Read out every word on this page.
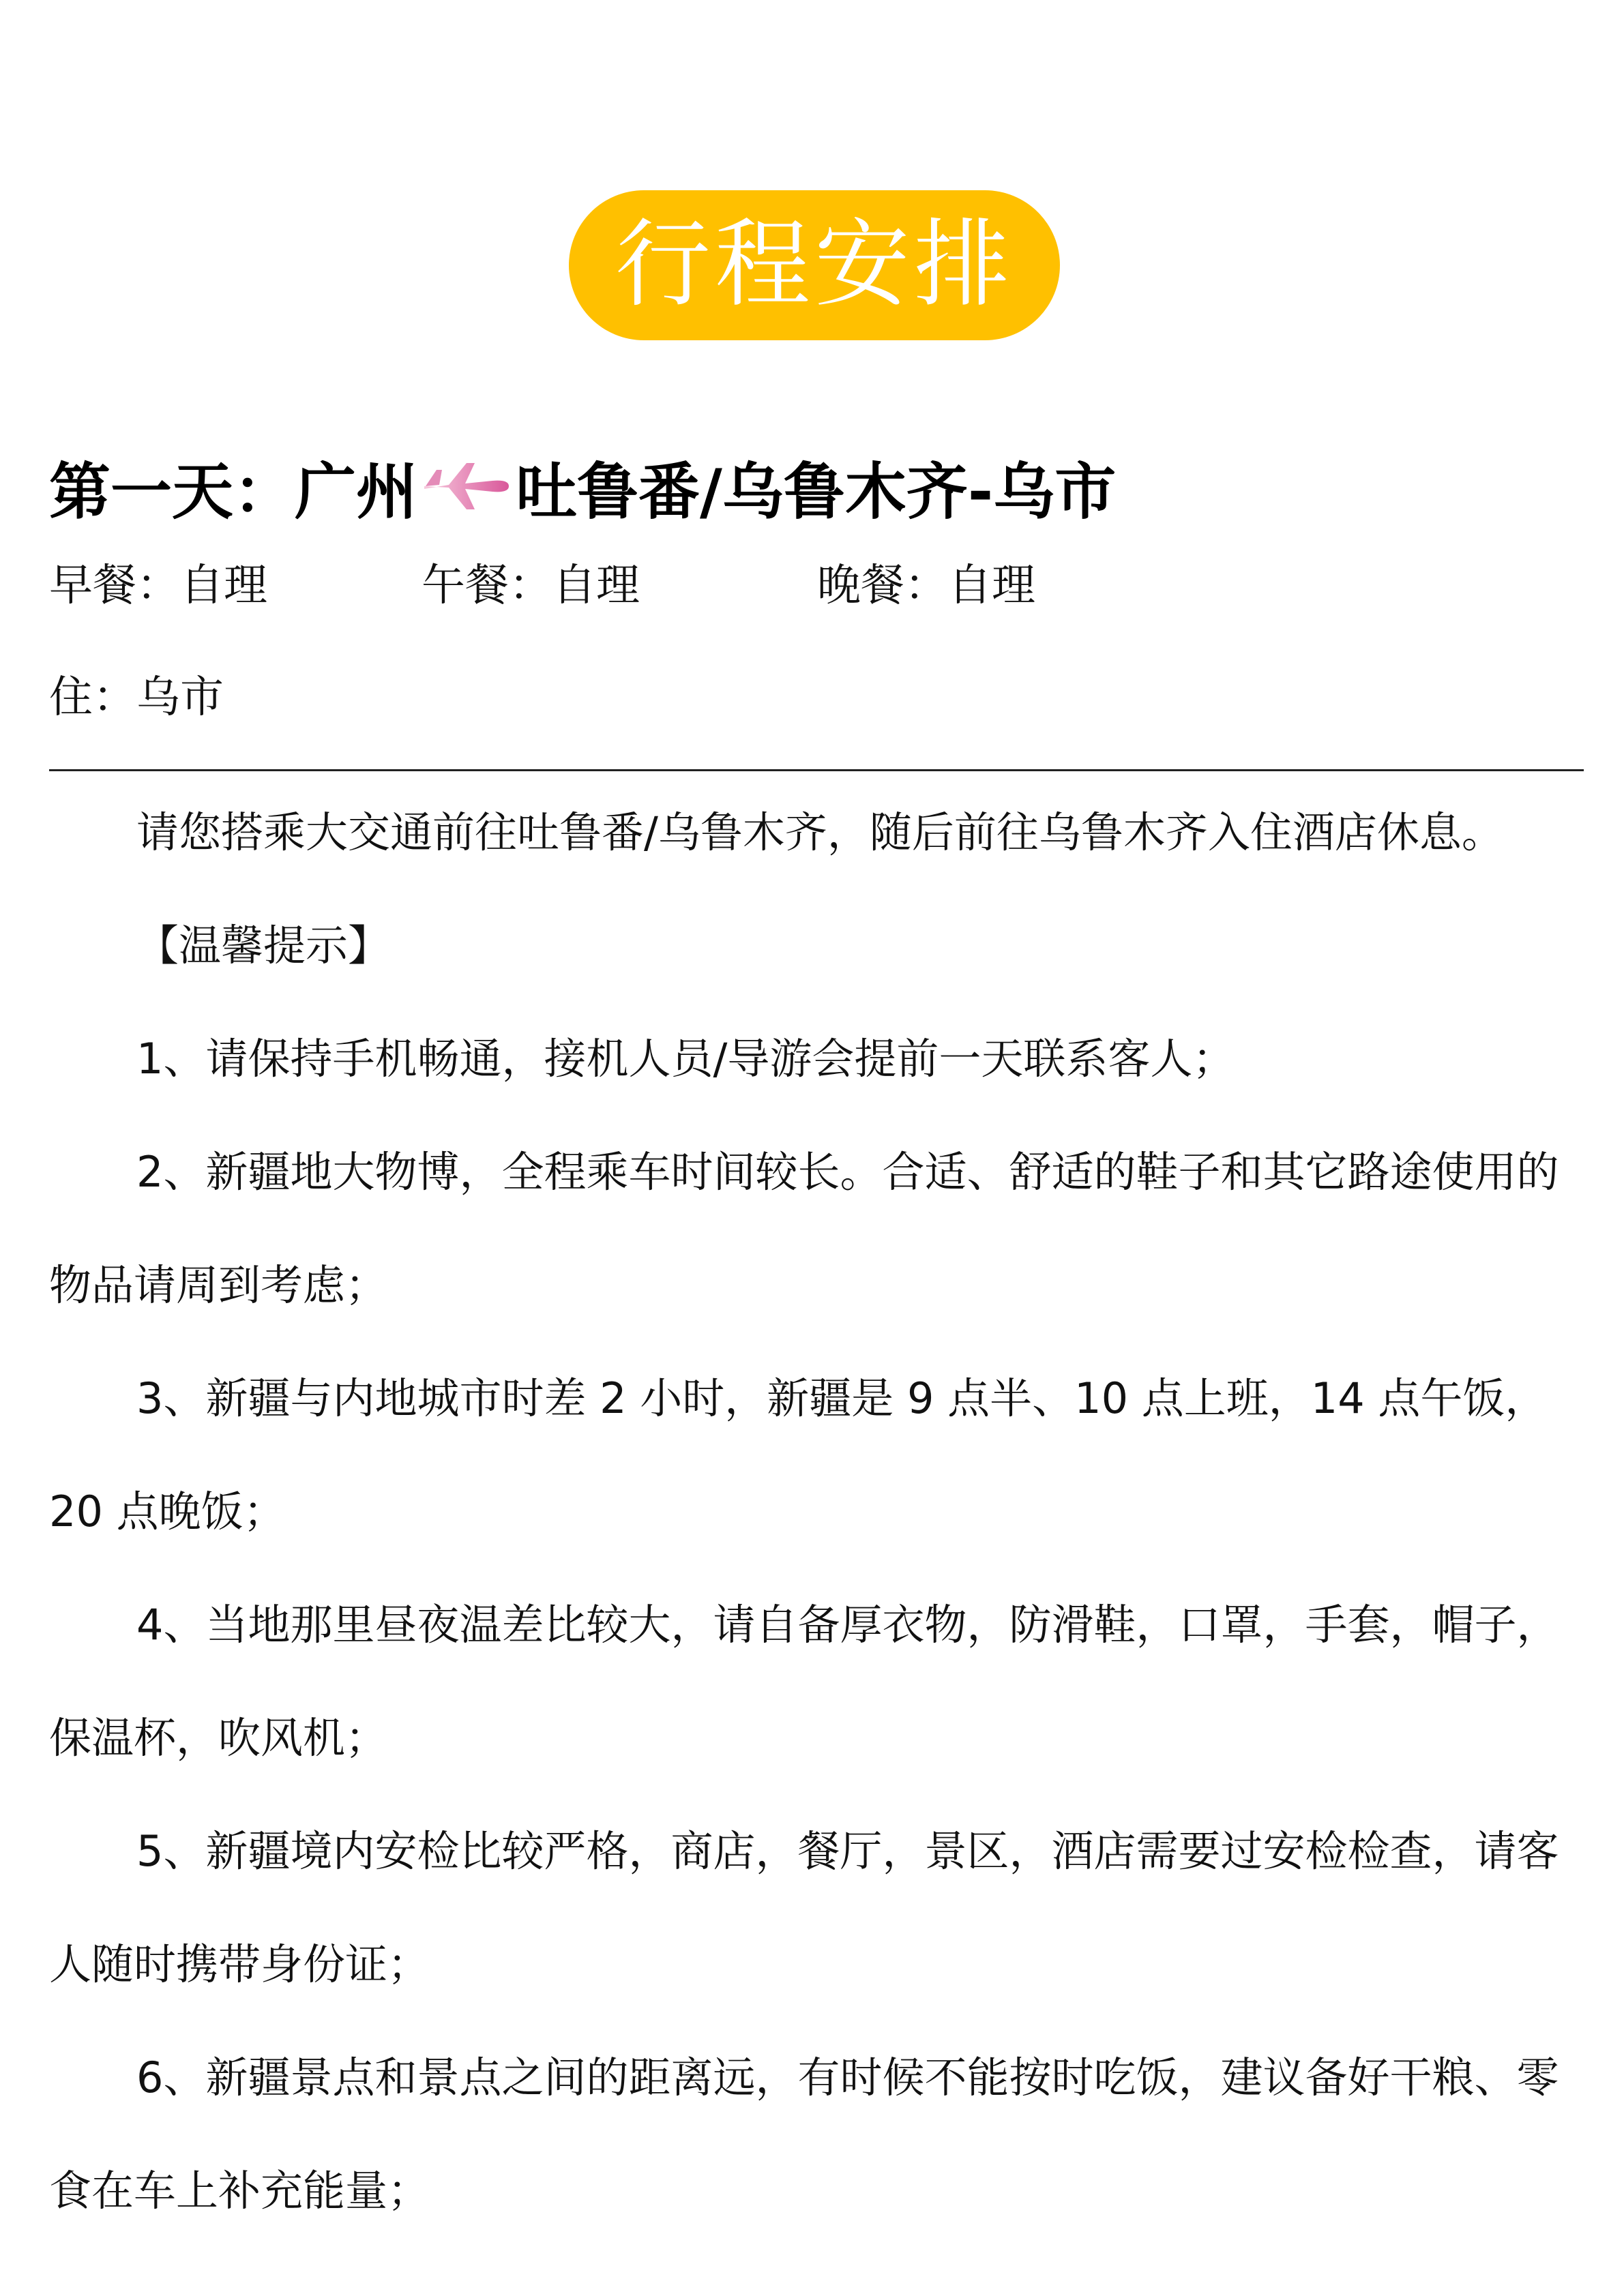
行程安排
第一天：广州 吐鲁番/乌鲁木齐-乌市
早餐：自理	午餐：自理	晚餐：自理
住：乌市

请您搭乘大交通前往吐鲁番/乌鲁木齐，随后前往乌鲁木齐入住酒店休息。

【温馨提示】

1、请保持手机畅通，接机人员/导游会提前一天联系客人；

2、新疆地大物博，全程乘车时间较长。合适、舒适的鞋子和其它路途使用的物品请周到考虑；

3、新疆与内地城市时差 2 小时，新疆是 9 点半、10 点上班，14 点午饭，20 点晚饭；

4、当地那里昼夜温差比较大，请自备厚衣物，防滑鞋，口罩，手套，帽子，保温杯，吹风机；

5、新疆境内安检比较严格，商店，餐厅，景区，酒店需要过安检检查，请客人随时携带身份证；

6、新疆景点和景点之间的距离远，有时候不能按时吃饭，建议备好干粮、零食在车上补充能量；
